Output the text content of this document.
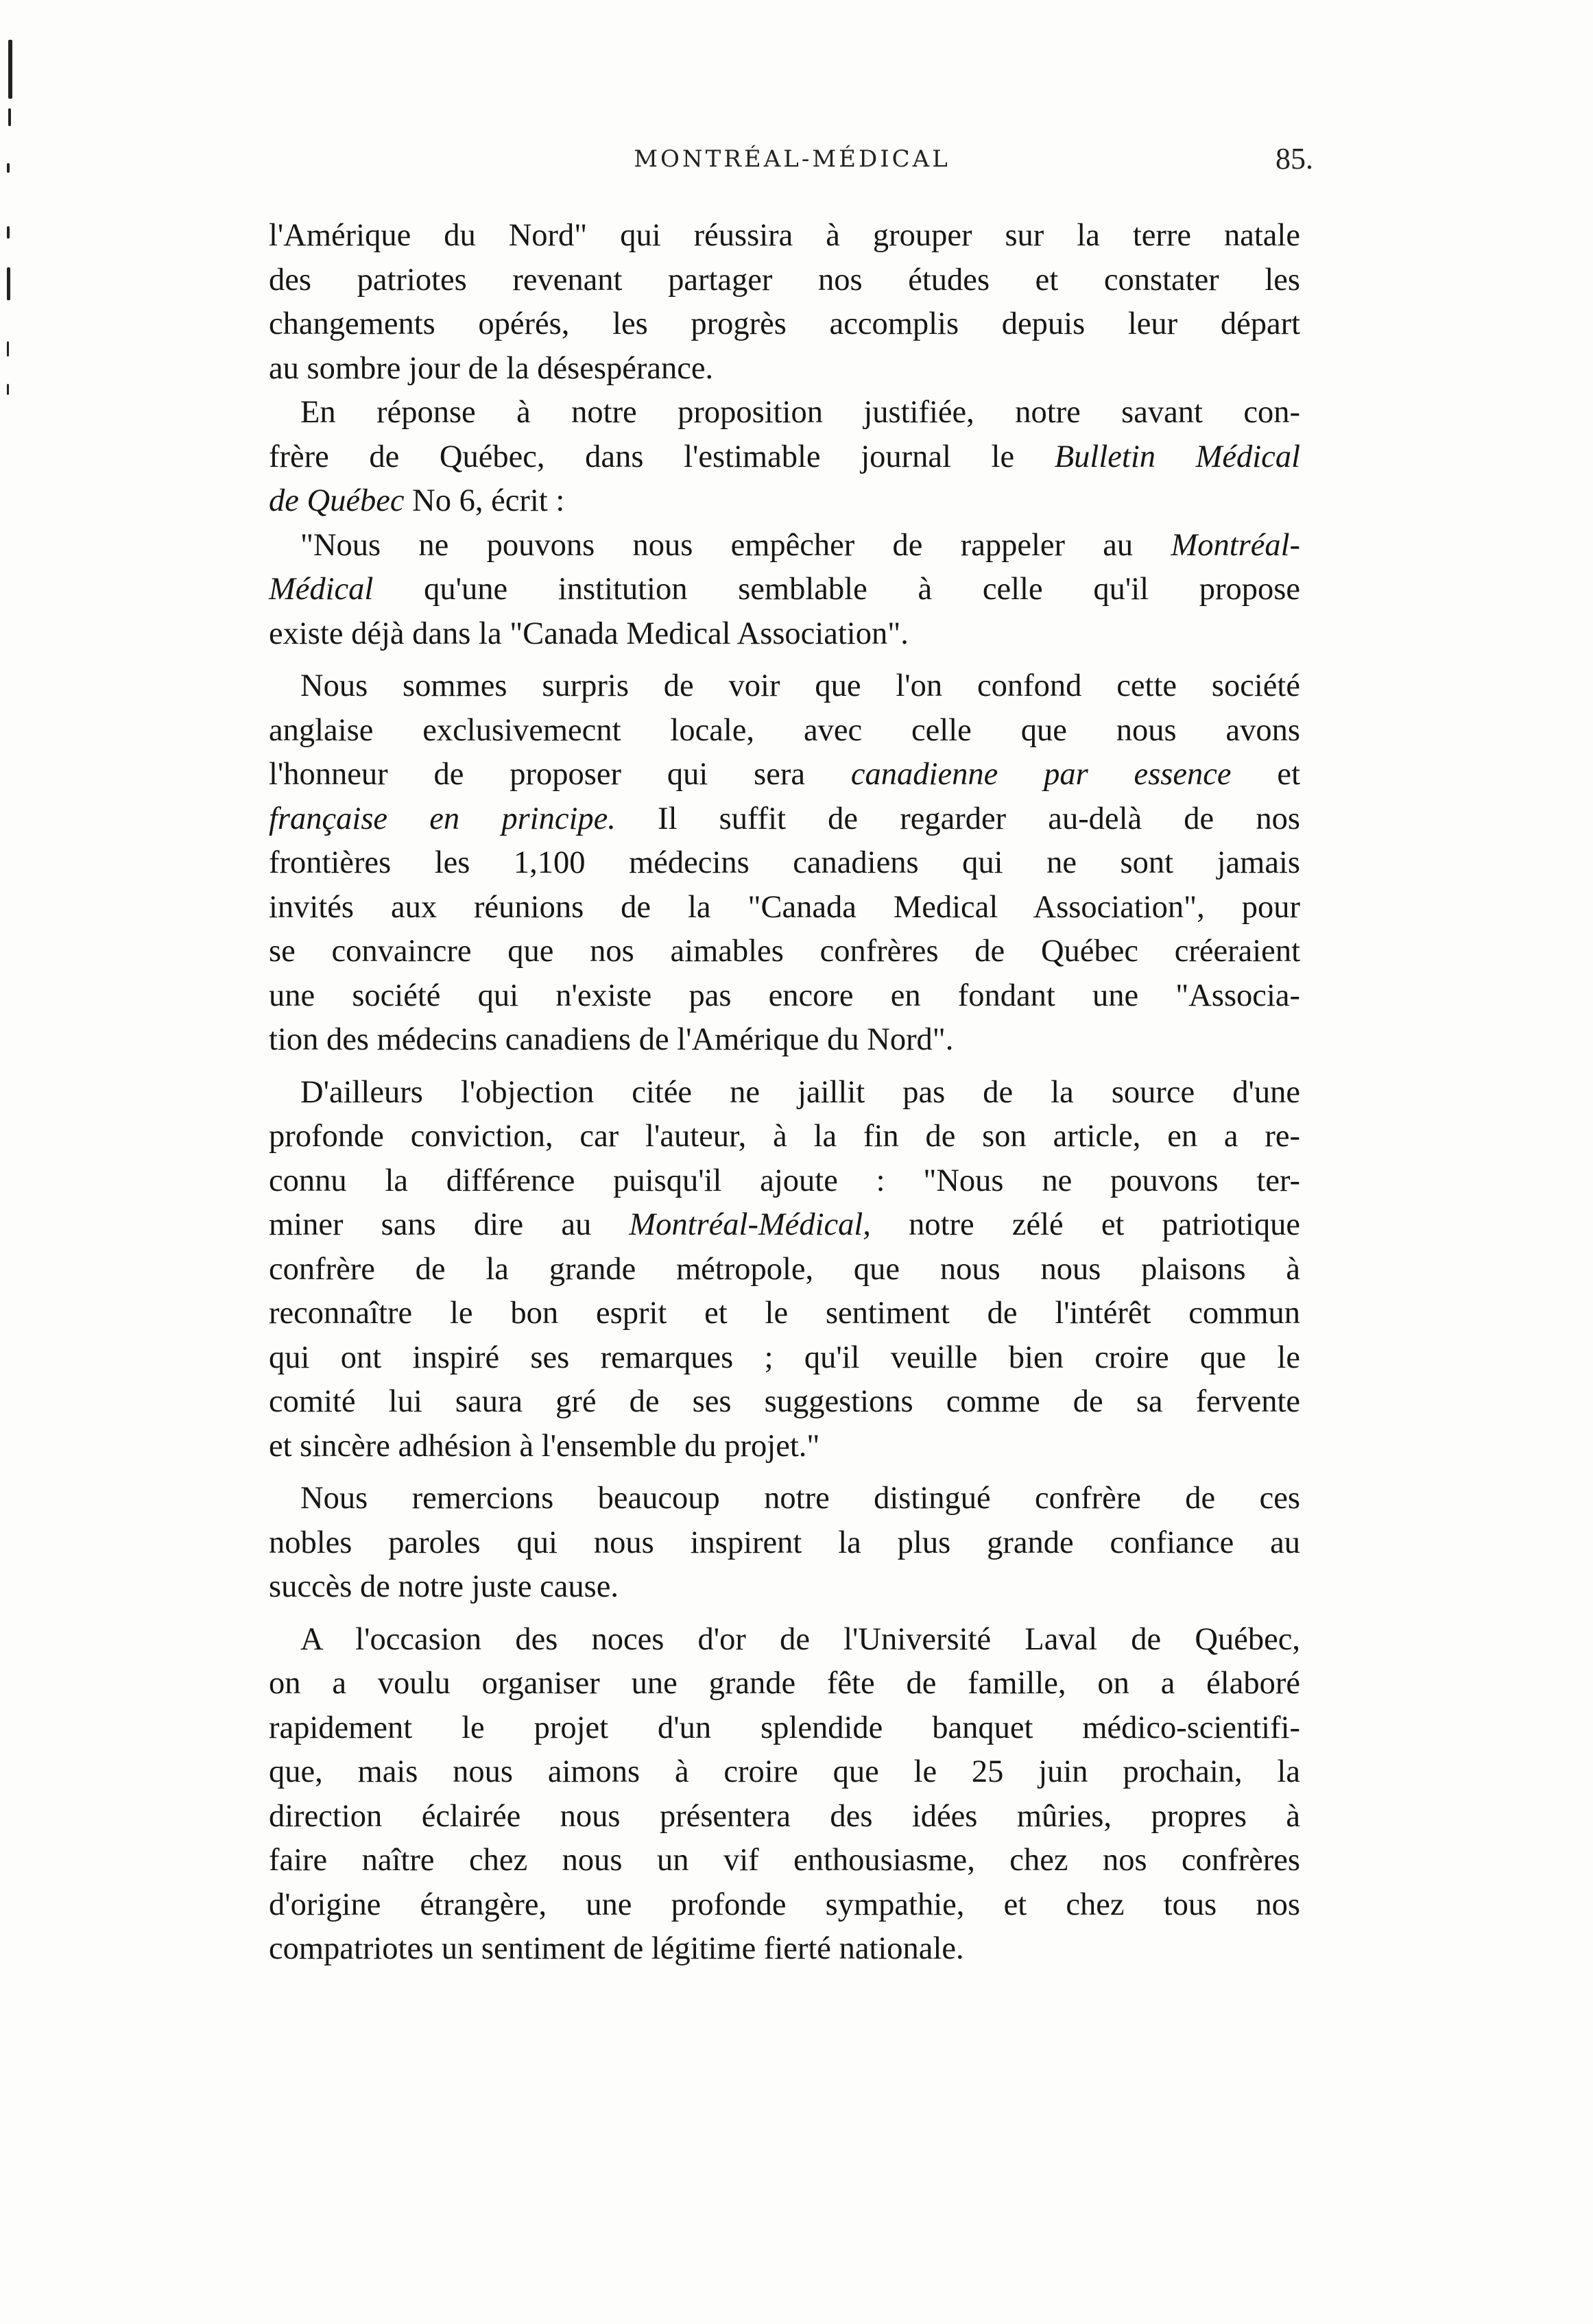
MONTRÉAL-MÉDICAL	85.
l'Amérique du Nord" qui réussira à grouper sur la terre natale
des patriotes revenant partager nos études et constater les
changements opérés, les progrès accomplis depuis leur départ
au sombre jour de la désespérance.
En réponse à notre proposition justifiée, notre savant con-
frère de Québec, dans l'estimable journal le Bulletin Médical
de Québec No 6, écrit :
"Nous ne pouvons nous empêcher de rappeler au Montréal-
Médical qu'une institution semblable à celle qu'il propose
existe déjà dans la "Canada Medical Association".
Nous sommes surpris de voir que l'on confond cette société
anglaise exclusivemecnt locale, avec celle que nous avons
l'honneur de proposer qui sera canadienne par essence et
française en principe. Il suffit de regarder au-delà de nos
frontières les 1,100 médecins canadiens qui ne sont jamais
invités aux réunions de la "Canada Medical Association", pour
se convaincre que nos aimables confrères de Québec créeraient
une société qui n'existe pas encore en fondant une "Associa-
tion des médecins canadiens de l'Amérique du Nord".
D'ailleurs l'objection citée ne jaillit pas de la source d'une
profonde conviction, car l'auteur, à la fin de son article, en a re-
connu la différence puisqu'il ajoute : "Nous ne pouvons ter-
miner sans dire au Montréal-Médical, notre zélé et patriotique
confrère de la grande métropole, que nous nous plaisons à
reconnaître le bon esprit et le sentiment de l'intérêt commun
qui ont inspiré ses remarques ; qu'il veuille bien croire que le
comité lui saura gré de ses suggestions comme de sa fervente
et sincère adhésion à l'ensemble du projet."
Nous remercions beaucoup notre distingué confrère de ces
nobles paroles qui nous inspirent la plus grande confiance au
succès de notre juste cause.
A l'occasion des noces d'or de l'Université Laval de Québec,
on a voulu organiser une grande fête de famille, on a élaboré
rapidement le projet d'un splendide banquet médico-scientifi-
que, mais nous aimons à croire que le 25 juin prochain, la
direction éclairée nous présentera des idées mûries, propres à
faire naître chez nous un vif enthousiasme, chez nos confrères
d'origine étrangère, une profonde sympathie, et chez tous nos
compatriotes un sentiment de légitime fierté nationale.
